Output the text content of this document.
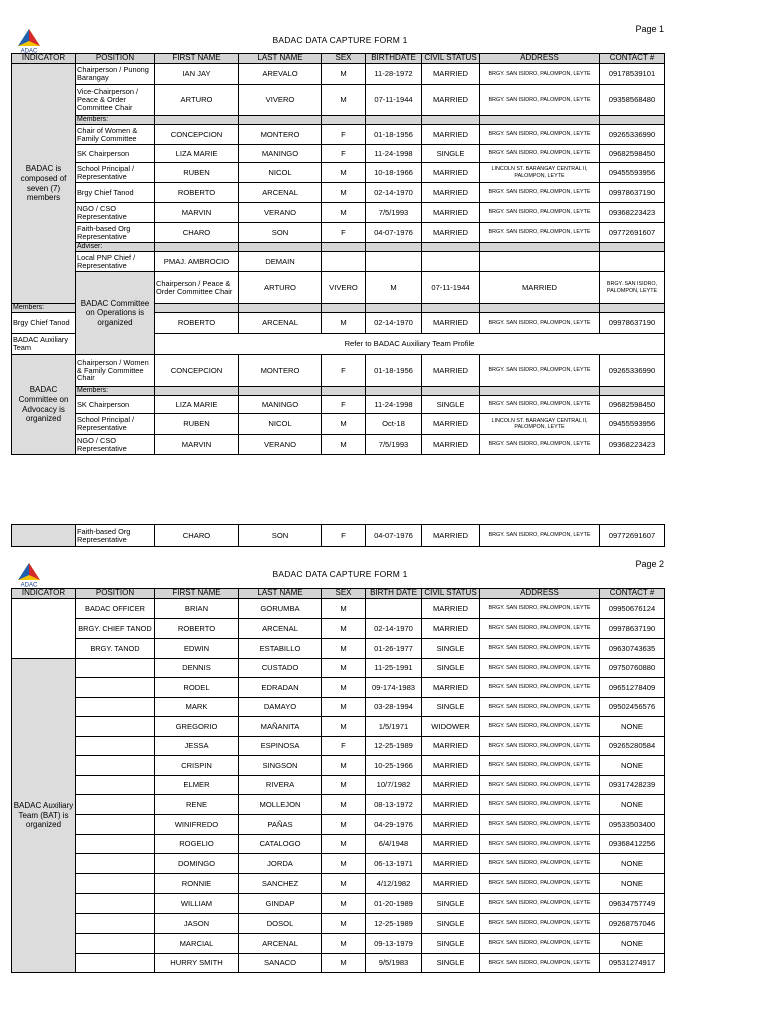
Page 1
ADAC
BADAC DATA CAPTURE FORM 1
INDICATOR	POSITION	FIRST NAME	LAST NAME	SEX	BIRTHDATE	CIVIL STATUS	ADDRESS	CONTACT #	
BADAC is composed of seven (7) members	Chairperson / Punong Barangay	IAN JAY	AREVALO	M	11-28-1972	MARRIED	BRGY. SAN ISIDRO, PALOMPON, LEYTE	09178539101	
	Vice-Chairperson / Peace & Order Committee Chair	ARTURO	VIVERO	M	07-11-1944	MARRIED	BRGY. SAN ISIDRO, PALOMPON, LEYTE	09358568480	
	Members:								
	Chair of Women & Family Committee	CONCEPCION	MONTERO	F	01-18-1956	MARRIED	BRGY. SAN ISIDRO, PALOMPON, LEYTE	09265336990	
	SK Chairperson	LIZA MARIE	MANINGO	F	11-24-1998	SINGLE	BRGY. SAN ISIDRO, PALOMPON, LEYTE	09682598450	
	School Principal / Representative	RUBEN	NICOL	M	10-18-1966	MARRIED	LINCOLN ST. BARANGAY CENTRAL II, PALOMPON, LEYTE	09455593956	
	Brgy Chief Tanod	ROBERTO	ARCENAL	M	02-14-1970	MARRIED	BRGY. SAN ISIDRO, PALOMPON, LEYTE	09978637190	
	NGO / CSO Representative	MARVIN	VERANO	M	7/5/1993	MARRIED	BRGY. SAN ISIDRO, PALOMPON, LEYTE	09368223423	
	Faith-based Org Representative	CHARO	SON	F	04-07-1976	MARRIED	BRGY. SAN ISIDRO, PALOMPON, LEYTE	09772691607	
	Adviser:								
	Local PNP Chief / Representative	PMAJ. AMBROCIO	DEMAIN						
	BADAC Committee on Operations is organized	Chairperson / Peace & Order Committee Chair	ARTURO	VIVERO	M	07-11-1944	MARRIED	BRGY. SAN ISIDRO, PALOMPON, LEYTE	
Members:									
Brgy Chief Tanod		ROBERTO	ARCENAL	M	02-14-1970	MARRIED	BRGY. SAN ISIDRO, PALOMPON, LEYTE	09978637190	
BADAC Auxiliary Team		Refer to BADAC Auxiliary Team Profile							
BADAC Committee on Advocacy is organized	Chairperson / Women & Family Committee Chair	CONCEPCION	MONTERO	F	01-18-1956	MARRIED	BRGY. SAN ISIDRO, PALOMPON, LEYTE	09265336990	
	Members:								
	SK Chairperson	LIZA MARIE	MANINGO	F	11-24-1998	SINGLE	BRGY. SAN ISIDRO, PALOMPON, LEYTE	09682598450	
	School Principal / Representative	RUBEN	NICOL	M	Oct-18	MARRIED	LINCOLN ST. BARANGAY CENTRAL II, PALOMPON, LEYTE	09455593956	
	NGO / CSO Representative	MARVIN	VERANO	M	7/5/1993	MARRIED	BRGY. SAN ISIDRO, PALOMPON, LEYTE	09368223423	
	Faith-based Org Representative	CHARO	SON	F	04-07-1976	MARRIED	BRGY. SAN ISIDRO, PALOMPON, LEYTE	09772691607
Page 2
ADAC
BADAC DATA CAPTURE FORM 1
INDICATOR	POSITION	FIRST NAME	LAST NAME	SEX	BIRTH DATE	CIVIL STATUS	ADDRESS	CONTACT #
	BADAC OFFICER	BRIAN	GORUMBA	M		MARRIED	BRGY. SAN ISIDRO, PALOMPON, LEYTE	09950676124
	BRGY. CHIEF TANOD	ROBERTO	ARCENAL	M	02-14-1970	MARRIED	BRGY. SAN ISIDRO, PALOMPON, LEYTE	09978637190
	BRGY. TANOD	EDWIN	ESTABILLO	M	01-26-1977	SINGLE	BRGY. SAN ISIDRO, PALOMPON, LEYTE	09630743635
BADAC Auxiliary Team (BAT) is organized		DENNIS	CUSTADO	M	11-25-1991	SINGLE	BRGY. SAN ISIDRO, PALOMPON, LEYTE	09750760880
		RODEL	EDRADAN	M	09-174-1983	MARRIED	BRGY. SAN ISIDRO, PALOMPON, LEYTE	09651278409
		MARK	DAMAYO	M	03-28-1994	SINGLE	BRGY. SAN ISIDRO, PALOMPON, LEYTE	09502456576
		GREGORIO	MAÑANITA	M	1/5/1971	WIDOWER	BRGY. SAN ISIDRO, PALOMPON, LEYTE	NONE
		JESSA	ESPINOSA	F	12-25-1989	MARRIED	BRGY. SAN ISIDRO, PALOMPON, LEYTE	09265280584
		CRISPIN	SINGSON	M	10-25-1966	MARRIED	BRGY. SAN ISIDRO, PALOMPON, LEYTE	NONE
		ELMER	RIVERA	M	10/7/1982	MARRIED	BRGY. SAN ISIDRO, PALOMPON, LEYTE	09317428239
		RENE	MOLLEJON	M	08-13-1972	MARRIED	BRGY. SAN ISIDRO, PALOMPON, LEYTE	NONE
		WINIFREDO	PAÑAS	M	04-29-1976	MARRIED	BRGY. SAN ISIDRO, PALOMPON, LEYTE	09533503400
		ROGELIO	CATALOGO	M	6/4/1948	MARRIED	BRGY. SAN ISIDRO, PALOMPON, LEYTE	09368412256
		DOMINGO	JORDA	M	06-13-1971	MARRIED	BRGY. SAN ISIDRO, PALOMPON, LEYTE	NONE
		RONNIE	SANCHEZ	M	4/12/1982	MARRIED	BRGY. SAN ISIDRO, PALOMPON, LEYTE	NONE
		WILLIAM	GINDAP	M	01-20-1989	SINGLE	BRGY. SAN ISIDRO, PALOMPON, LEYTE	09634757749
		JASON	DOSOL	M	12-25-1989	SINGLE	BRGY. SAN ISIDRO, PALOMPON, LEYTE	09268757046
		MARCIAL	ARCENAL	M	09-13-1979	SINGLE	BRGY. SAN ISIDRO, PALOMPON, LEYTE	NONE
		HURRY SMITH	SANACO	M	9/5/1983	SINGLE	BRGY. SAN ISIDRO, PALOMPON, LEYTE	09531274917
